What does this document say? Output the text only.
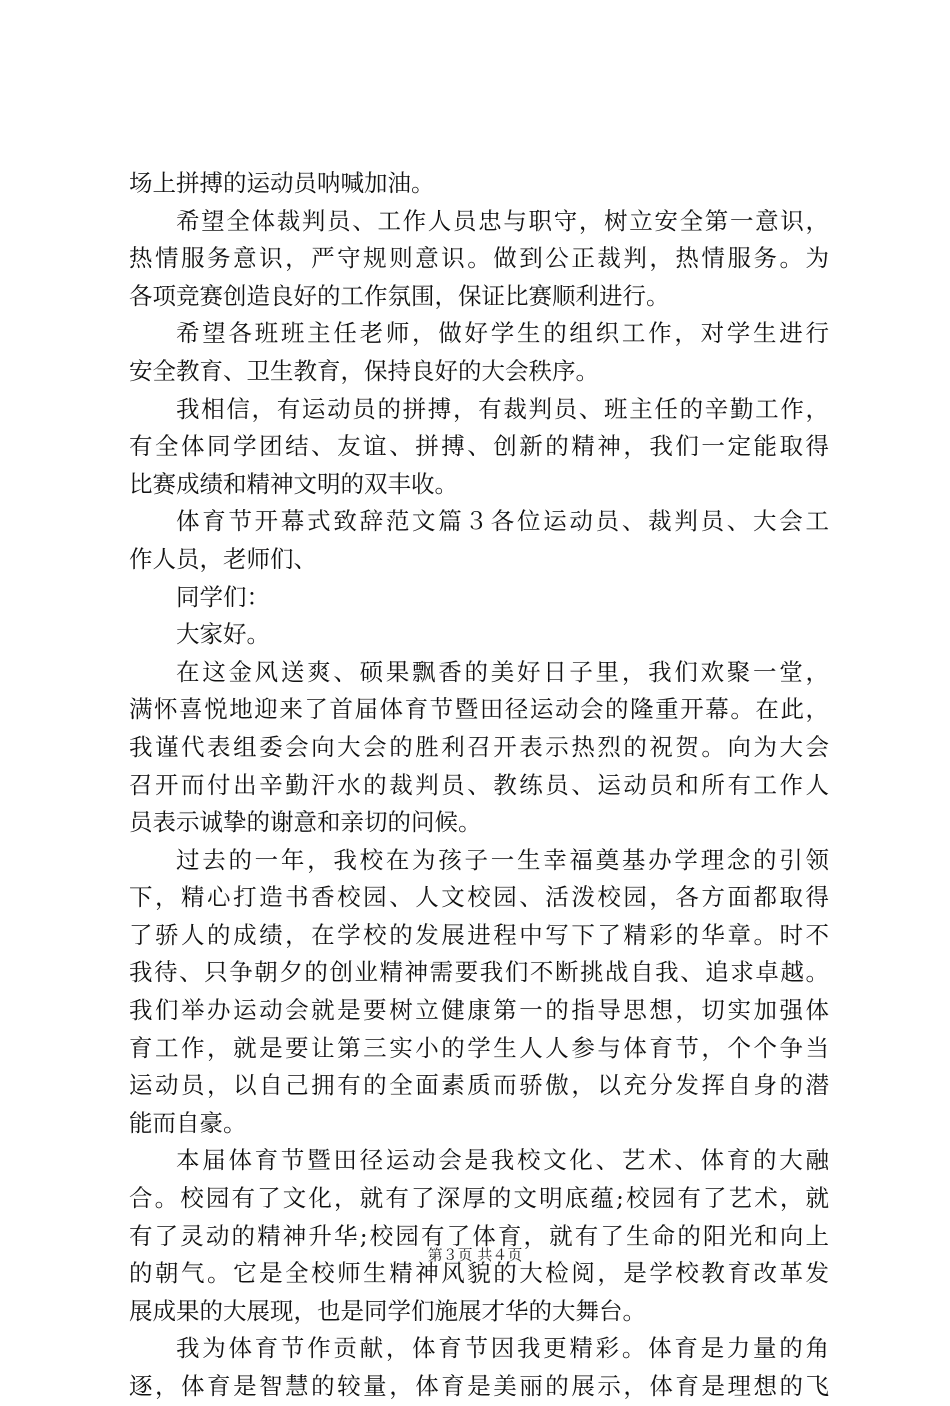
场上拼搏的运动员呐喊加油。
希望全体裁判员、工作人员忠与职守，树立安全第一意识，
热情服务意识，严守规则意识。做到公正裁判，热情服务。为
各项竞赛创造良好的工作氛围，保证比赛顺利进行。
希望各班班主任老师，做好学生的组织工作，对学生进行
安全教育、卫生教育，保持良好的大会秩序。
我相信，有运动员的拼搏，有裁判员、班主任的辛勤工作，
有全体同学团结、友谊、拼搏、创新的精神，我们一定能取得
比赛成绩和精神文明的双丰收。
体育节开幕式致辞范文篇３各位运动员、裁判员、大会工
作人员，老师们、
同学们：
大家好。
在这金风送爽、硕果飘香的美好日子里，我们欢聚一堂，
满怀喜悦地迎来了首届体育节暨田径运动会的隆重开幕。在此，
我谨代表组委会向大会的胜利召开表示热烈的祝贺。向为大会
召开而付出辛勤汗水的裁判员、教练员、运动员和所有工作人
员表示诚挚的谢意和亲切的问候。
过去的一年，我校在为孩子一生幸福奠基办学理念的引领
下，精心打造书香校园、人文校园、活泼校园，各方面都取得
了骄人的成绩，在学校的发展进程中写下了精彩的华章。时不
我待、只争朝夕的创业精神需要我们不断挑战自我、追求卓越。
我们举办运动会就是要树立健康第一的指导思想，切实加强体
育工作，就是要让第三实小的学生人人参与体育节，个个争当
运动员，以自己拥有的全面素质而骄傲，以充分发挥自身的潜
能而自豪。
本届体育节暨田径运动会是我校文化、艺术、体育的大融
合。校园有了文化，就有了深厚的文明底蕴;校园有了艺术，就
有了灵动的精神升华;校园有了体育，就有了生命的阳光和向上
的朝气。它是全校师生精神风貌的大检阅，是学校教育改革发
展成果的大展现，也是同学们施展才华的大舞台。
我为体育节作贡献，体育节因我更精彩。体育是力量的角
逐，体育是智慧的较量，体育是美丽的展示，体育是理想的飞
第３页 共４页
